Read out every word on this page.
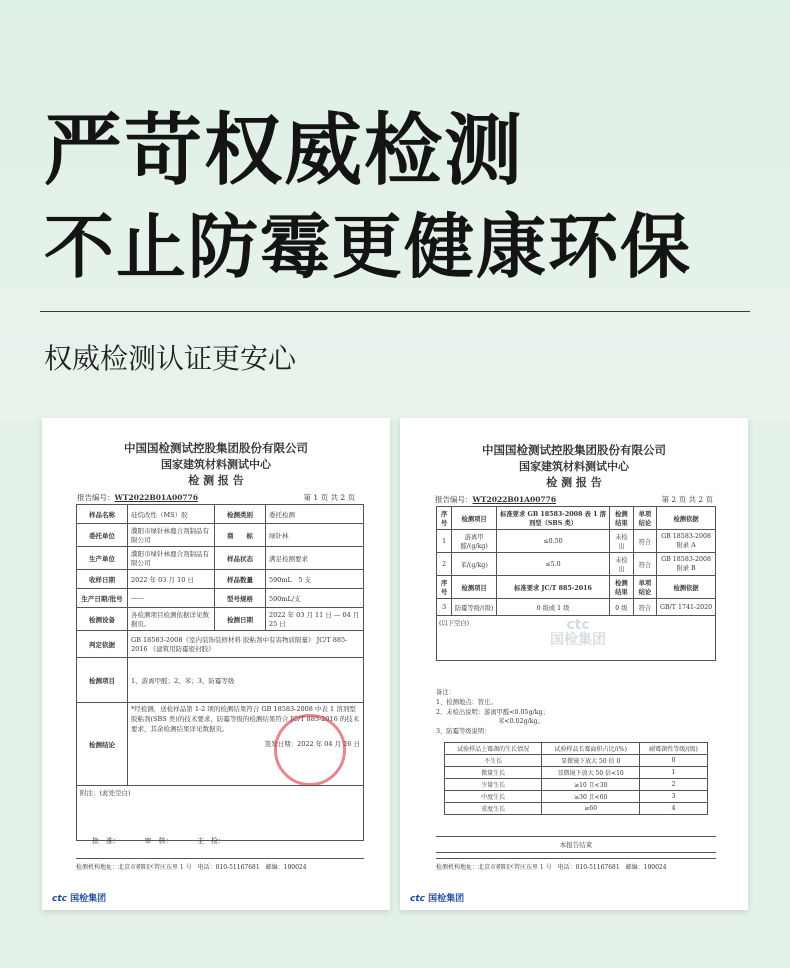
严苛权威检测
不止防霉更健康环保
权威检测认证更安心
中国国检测试控股集团股份有限公司
国家建筑材料测试中心
检 测 报 告
报告编号：WT2022B01A00776	第 1 页 共 2 页
样品名称	硅烷改性（MS）胶	检测类别	委托检测
委托单位	濮阳市绿针林鹿合剂制品有限公司	商　　标	绿针林
生产单位	濮阳市绿针林鹿合剂制品有限公司	样品状态	满足检测要求
收样日期	2022 年 03 月 10 日	样品数量	590mL　5 支
生产日期/批号	——	型号规格	590mL/支
检测设备	各检测项目检测依据详见数据页。	检测日期	2022 年 03 月 11 日 — 04 月 25 日
判定依据	GB 18583-2008《室内装饰装修材料 胶粘剂中有害物质限量》 JC/T 885-2016 《建筑用防霉密封胶》		
检测项目	1、游离甲醛；2、苯；3、防霉等级		
检测结论	*经检测，送检样品第 1-2 项的检测结果符合 GB 18583-2008 中表 1 溶剂型胶粘剂(SBS 类)的技术要求，防霉等级的检测结果符合 JC/T 885-2016 的技术要求，其余检测结果详见数据页。
签发日期：2022 年 04 月 26 日		

附注：(此处空白)			
批　准：　　　　审　核：　　　　主　检：
检测机构地址：北京市朝阳区管庄东里 1 号　电话：010-51167681　邮编：100024
ctc 国检集团
中国国检测试控股集团股份有限公司
国家建筑材料测试中心
检 测 报 告
报告编号：WT2022B01A00776	第 2 页 共 2 页
序号	检测项目	标准要求 GB 18583-2008 表 1 溶剂型（SBS 类）	检测结果	单项结论	检测依据
1	游离甲醛/(g/kg)	≤0.50	未检出	符合	GB 18583-2008 附录 A
2	苯/(g/kg)	≤5.0	未检出	符合	GB 18583-2008 附录 B
序号	检测项目	标准要求 JC/T 885-2016	检测结果	单项结论	检测依据
3	防霉等级/(级)	0 级或 1 级	0 级	符合	GB/T 1741-2020
(以下空白)						ctc
国检集团
备注：
1、检测地点：管庄。
2、未检出说明：游离甲醛<0.05g/kg；
苯<0.02g/kg。
3、防霉等级说明：
试验样品上霉菌的生长情况	试验样品长霉面积占比/(%)	耐霉菌性等级/(级)
不生长	显微镜下放大 50 倍 0	0
微量生长	显微镜下放大 50 倍<10	1
少量生长	≥10 且<30	2
中度生长	≥30 且<60	3
重度生长	≥60	4
本报告结束
检测机构地址：北京市朝阳区管庄东里 1 号　电话：010-51167681　邮编：100024
ctc 国检集团
